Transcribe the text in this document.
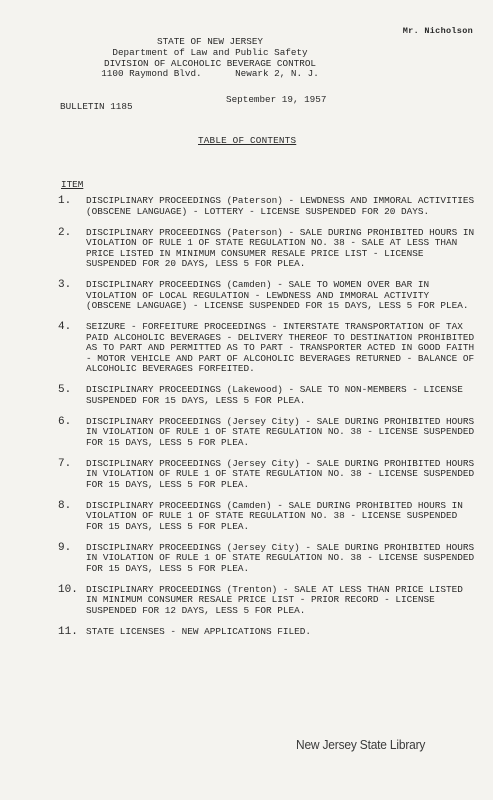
Mr. Nicholson
STATE OF NEW JERSEY
Department of Law and Public Safety
DIVISION OF ALCOHOLIC BEVERAGE CONTROL
1100 Raymond Blvd.      Newark 2, N. J.
September 19, 1957
BULLETIN 1185
TABLE OF CONTENTS
ITEM
1.	DISCIPLINARY PROCEEDINGS (Paterson) - LEWDNESS AND IMMORAL ACTIVITIES (OBSCENE LANGUAGE) - LOTTERY - LICENSE SUSPENDED FOR 20 DAYS.
2.	DISCIPLINARY PROCEEDINGS (Paterson) - SALE DURING PROHIBITED HOURS IN VIOLATION OF RULE 1 OF STATE REGULATION NO. 38 - SALE AT LESS THAN PRICE LISTED IN MINIMUM CONSUMER RESALE PRICE LIST - LICENSE SUSPENDED FOR 20 DAYS, LESS 5 FOR PLEA.
3.	DISCIPLINARY PROCEEDINGS (Camden) - SALE TO WOMEN OVER BAR IN VIOLATION OF LOCAL REGULATION - LEWDNESS AND IMMORAL ACTIVITY (OBSCENE LANGUAGE) - LICENSE SUSPENDED FOR 15 DAYS, LESS 5 FOR PLEA.
4.	SEIZURE - FORFEITURE PROCEEDINGS - INTERSTATE TRANSPORTATION OF TAX PAID ALCOHOLIC BEVERAGES - DELIVERY THEREOF TO DESTINATION PROHIBITED AS TO PART AND PERMITTED AS TO PART - TRANSPORTER ACTED IN GOOD FAITH - MOTOR VEHICLE AND PART OF ALCOHOLIC BEVERAGES RETURNED - BALANCE OF ALCOHOLIC BEVERAGES FORFEITED.
5.	DISCIPLINARY PROCEEDINGS (Lakewood) - SALE TO NON-MEMBERS - LICENSE SUSPENDED FOR 15 DAYS, LESS 5 FOR PLEA.
6.	DISCIPLINARY PROCEEDINGS (Jersey City) - SALE DURING PROHIBITED HOURS IN VIOLATION OF RULE 1 OF STATE REGULATION NO. 38 - LICENSE SUSPENDED FOR 15 DAYS, LESS 5 FOR PLEA.
7.	DISCIPLINARY PROCEEDINGS (Jersey City) - SALE DURING PROHIBITED HOURS IN VIOLATION OF RULE 1 OF STATE REGULATION NO. 38 - LICENSE SUSPENDED FOR 15 DAYS, LESS 5 FOR PLEA.
8.	DISCIPLINARY PROCEEDINGS (Camden) - SALE DURING PROHIBITED HOURS IN VIOLATION OF RULE 1 OF STATE REGULATION NO. 38 - LICENSE SUSPENDED FOR 15 DAYS, LESS 5 FOR PLEA.
9.	DISCIPLINARY PROCEEDINGS (Jersey City) - SALE DURING PROHIBITED HOURS IN VIOLATION OF RULE 1 OF STATE REGULATION NO. 38 - LICENSE SUSPENDED FOR 15 DAYS, LESS 5 FOR PLEA.
10. DISCIPLINARY PROCEEDINGS (Trenton) - SALE AT LESS THAN PRICE LISTED IN MINIMUM CONSUMER RESALE PRICE LIST - PRIOR RECORD - LICENSE SUSPENDED FOR 12 DAYS, LESS 5 FOR PLEA.
11. STATE LICENSES - NEW APPLICATIONS FILED.
New Jersey State Library
